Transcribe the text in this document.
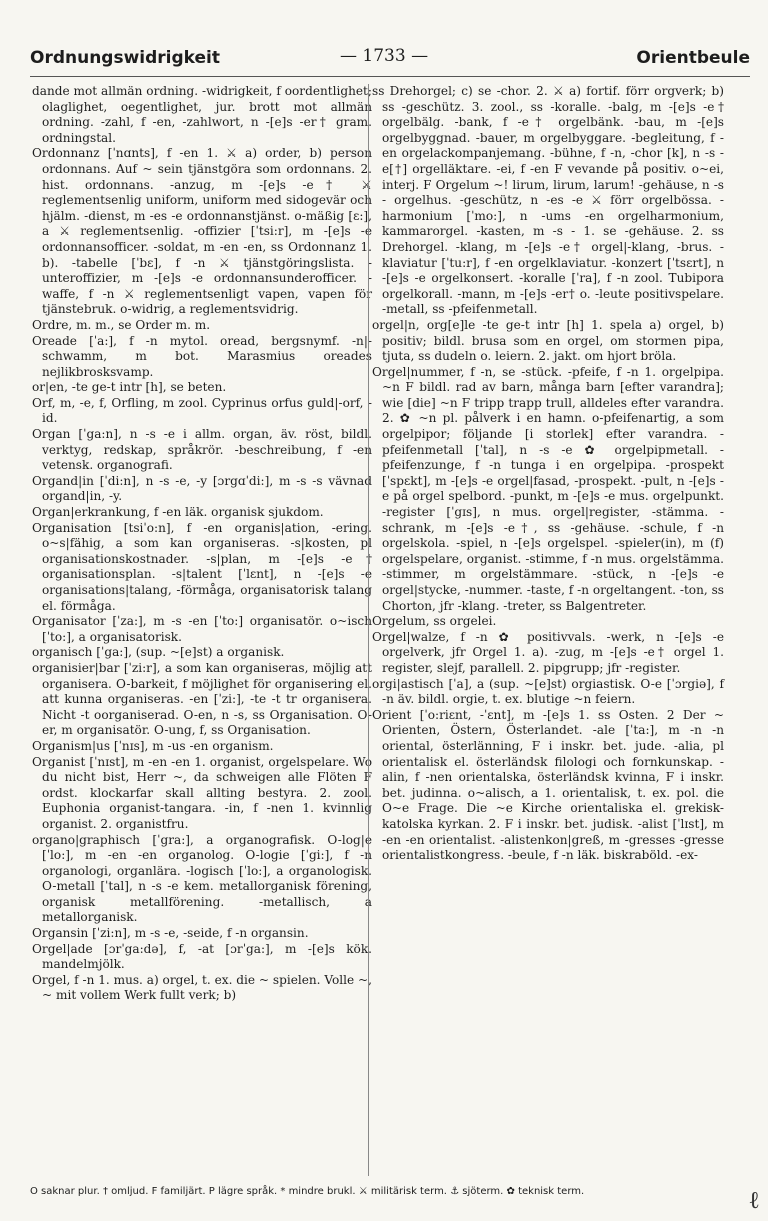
Ordnungswidrigkeit	— 1733 —	Orientbeule

dande mot allmän ordning. -widrigkeit, f oordentlighet; olaglighet, oegentlighet, jur. brott mot allmän ordning. -zahl, f -en, -zahlwort, n -[e]s -er† gram. ordningstal.

Ordonnanz [ˈnɑnts], f -en 1. ⚔ a) order, b) person ordonnans. Auf ~ sein tjänstgöra som ordonnans. 2. hist. ordonnans. -anzug, m -[e]s -e† ⚔ reglementsenlig uniform, uniform med sidogevär och hjälm. -dienst, m -es -e ordonnanstjänst. o-mäßig [ɛ:], a ⚔ reglementsenlig. -offizier [ˈtsi:r], m -[e]s -e ordonnansofficer. -soldat, m -en -en, ss Ordonnanz 1. b). -tabelle [ˈbɛ], f -n ⚔ tjänstgöringslista. -unteroffizier, m -[e]s -e ordonnansunderofficer. -waffe, f -n ⚔ reglementsenligt vapen, vapen för tjänstebruk. o-widrig, a reglementsvidrig.

Ordre, m. m., se Order m. m.

Oreade [ˈa:], f -n mytol. oread, bergsnymf. -n|-schwamm, m bot. Marasmius oreades nejlikbrosksvamp.

or|en, -te ge-t intr [h], se beten.

Orf, m, -e, f, Orfling, m zool. Cyprinus orfus guld|-orf, -id.

Organ [ˈga:n], n -s -e i allm. organ, äv. röst, bildl. verktyg, redskap, språkrör. -beschreibung, f -en vetensk. organografi.

Organd|in [ˈdi:n], n -s -e, -y [ɔrgɑˈdi:], m -s -s vävnad organd|in, -y.

Organ|erkrankung, f -en läk. organisk sjukdom.

Organisation [tsiˈo:n], f -en organis|ation, -ering. o~s|fähig, a som kan organiseras. -s|kosten, pl organisationskostnader. -s|plan, m -[e]s -e† organisationsplan. -s|talent [ˈlɛnt], n -[e]s -e organisations|talang, -förmåga, organisatorisk talang el. förmåga.

Organisator [ˈza:], m -s -en [ˈto:] organisatör. o~isch [ˈto:], a organisatorisk.

organisch [ˈga:], (sup. ~[e]st) a organisk.

organisier|bar [ˈzi:r], a som kan organiseras, möjlig att organisera. O-barkeit, f möjlighet för organisering el. att kunna organiseras. -en [ˈzi:], -te -t tr organisera. Nicht -t oorganiserad. O-en, n -s, ss Organisation. O-er, m organisatör. O-ung, f, ss Organisation.

Organism|us [ˈnɪs], m -us -en organism.

Organist [ˈnɪst], m -en -en 1. organist, orgelspelare. Wo du nicht bist, Herr ~, da schweigen alle Flöten F ordst. klockarfar skall allting bestyra. 2. zool. Euphonia organist-tangara. -in, f -nen 1. kvinnlig organist. 2. organistfru.

organo|graphisch [ˈgra:], a organografisk. O-log|e [ˈlo:], m -en -en organolog. O-logie [ˈgi:], f -n organologi, organlära. -logisch [ˈlo:], a organologisk. O-metall [ˈtal], n -s -e kem. metallorganisk förening, organisk metallförening. -metallisch, a metallorganisk.

Organsin [ˈzi:n], m -s -e, -seide, f -n organsin.

Orgel|ade [ɔrˈga:də], f, -at [ɔrˈga:], m -[e]s kök. mandelmjölk.

Orgel, f -n 1. mus. a) orgel, t. ex. die ~ spielen. Volle ~, ~ mit vollem Werk fullt verk; b)

ss Drehorgel; c) se -chor. 2. ⚔ a) fortif. förr orgverk; b) ss -geschütz. 3. zool., ss -koralle. -balg, m -[e]s -e† orgelbälg. -bank, f -e† orgelbänk. -bau, m -[e]s orgelbyggnad. -bauer, m orgelbyggare. -begleitung, f -en orgelackompanjemang. -bühne, f -n, -chor [k], n -s -e[†] orgelläktare. -ei, f -en F vevande på positiv. o~ei, interj. F Orgelum ~! lirum, lirum, larum! -gehäuse, n -s - orgelhus. -geschütz, n -es -e ⚔ förr orgelbössa. -harmonium [ˈmo:], n -ums -en orgelharmonium, kammarorgel. -kasten, m -s - 1. se -gehäuse. 2. ss Drehorgel. -klang, m -[e]s -e† orgel|-klang, -brus. -klaviatur [ˈtu:r], f -en orgelklaviatur. -konzert [ˈtsɛrt], n -[e]s -e orgelkonsert. -koralle [ˈra], f -n zool. Tubipora orgelkorall. -mann, m -[e]s -er† o. -leute positivspelare. -metall, ss -pfeifenmetall.

orgel|n, org[e]le -te ge-t intr [h] 1. spela a) orgel, b) positiv; bildl. brusa som en orgel, om stormen pipa, tjuta, ss dudeln o. leiern. 2. jakt. om hjort bröla.

Orgel|nummer, f -n, se -stück. -pfeife, f -n 1. orgelpipa. ~n F bildl. rad av barn, många barn [efter varandra]; wie [die] ~n F tripp trapp trull, alldeles efter varandra. 2. ✿ ~n pl. pålverk i en hamn. o-pfeifenartig, a som orgelpipor; följande [i storlek] efter varandra. -pfeifenmetall [ˈtal], n -s -e ✿ orgelpipmetall. -pfeifenzunge, f -n tunga i en orgelpipa. -prospekt [ˈspɛkt], m -[e]s -e orgel|fasad, -prospekt. -pult, n -[e]s -e på orgel spelbord. -punkt, m -[e]s -e mus. orgelpunkt. -register [ˈgɪs], n mus. orgel|register, -stämma. -schrank, m -[e]s -e†, ss -gehäuse. -schule, f -n orgelskola. -spiel, n -[e]s orgelspel. -spieler(in), m (f) orgelspelare, organist. -stimme, f -n mus. orgelstämma. -stimmer, m orgelstämmare. -stück, n -[e]s -e orgel|stycke, -nummer. -taste, f -n orgeltangent. -ton, ss Chorton, jfr -klang. -treter, ss Balgentreter.

Orgelum, ss orgelei.

Orgel|walze, f -n ✿ positivvals. -werk, n -[e]s -e orgelverk, jfr Orgel 1. a). -zug, m -[e]s -e† orgel 1. register, slejf, parallell. 2. pipgrupp; jfr -register.

orgi|astisch [ˈa], a (sup. ~[e]st) orgiastisk. O-e [ˈɔrgiə], f -n äv. bildl. orgie, t. ex. blutige ~n feiern.

Orient [ˈo:riɛnt, -ˈɛnt], m -[e]s 1. ss Osten. 2 Der ~ Orienten, Östern, Österlandet. -ale [ˈta:], m -n -n oriental, österlänning, F i inskr. bet. jude. -alia, pl orientalisk el. österländsk filologi och fornkunskap. -alin, f -nen orientalska, österländsk kvinna, F i inskr. bet. judinna. o~alisch, a 1. orientalisk, t. ex. pol. die O~e Frage. Die ~e Kirche orientaliska el. grekisk-katolska kyrkan. 2. F i inskr. bet. judisk. -alist [ˈlɪst], m -en -en orientalist. -alistenkon|greß, m -gresses -gresse orientalistkongress. -beule, f -n läk. biskraböld. -ex-

O saknar plur. † omljud. F familjärt. P lägre språk. * mindre brukl. ⚔ militärisk term. ⚓ sjöterm. ✿ teknisk term.	ℓ
